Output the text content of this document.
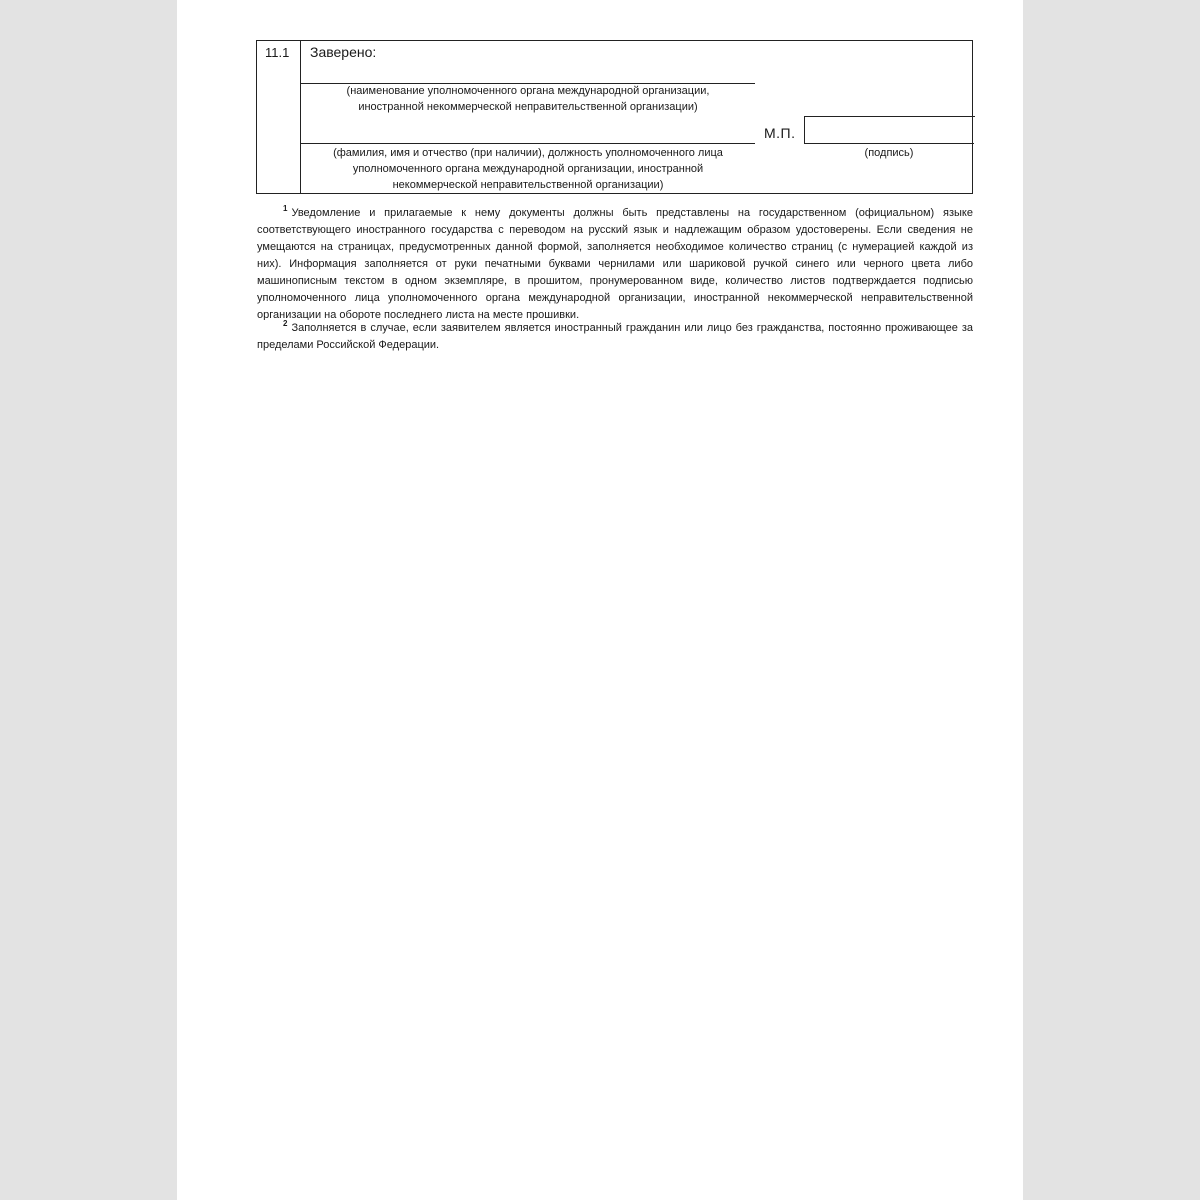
11.1 Заверено:
(наименование уполномоченного органа международной организации,
иностранной некоммерческой неправительственной организации)
(фамилия, имя и отчество (при наличии), должность уполномоченного лица
уполномоченного органа международной организации, иностранной
некоммерческой неправительственной организации)
М.П.
(подпись)

$^1$ Уведомление и прилагаемые к нему документы должны быть представлены на государственном (официальном) языке соответствующего иностранного государства с переводом на русский язык и надлежащим образом удостоверены. Если сведения не умещаются на страницах, предусмотренных данной формой, заполняется необходимое количество страниц (с нумерацией каждой из них). Информация заполняется от руки печатными буквами чернилами или шариковой ручкой синего или черного цвета либо машинописным текстом в одном экземпляре, в прошитом, пронумерованном виде, количество листов подтверждается подписью уполномоченного лица уполномоченного органа международной организации, иностранной некоммерческой неправительственной организации на обороте последнего листа на месте прошивки.

$^2$ Заполняется в случае, если заявителем является иностранный гражданин или лицо без гражданства, постоянно проживающее за пределами Российской Федерации.
